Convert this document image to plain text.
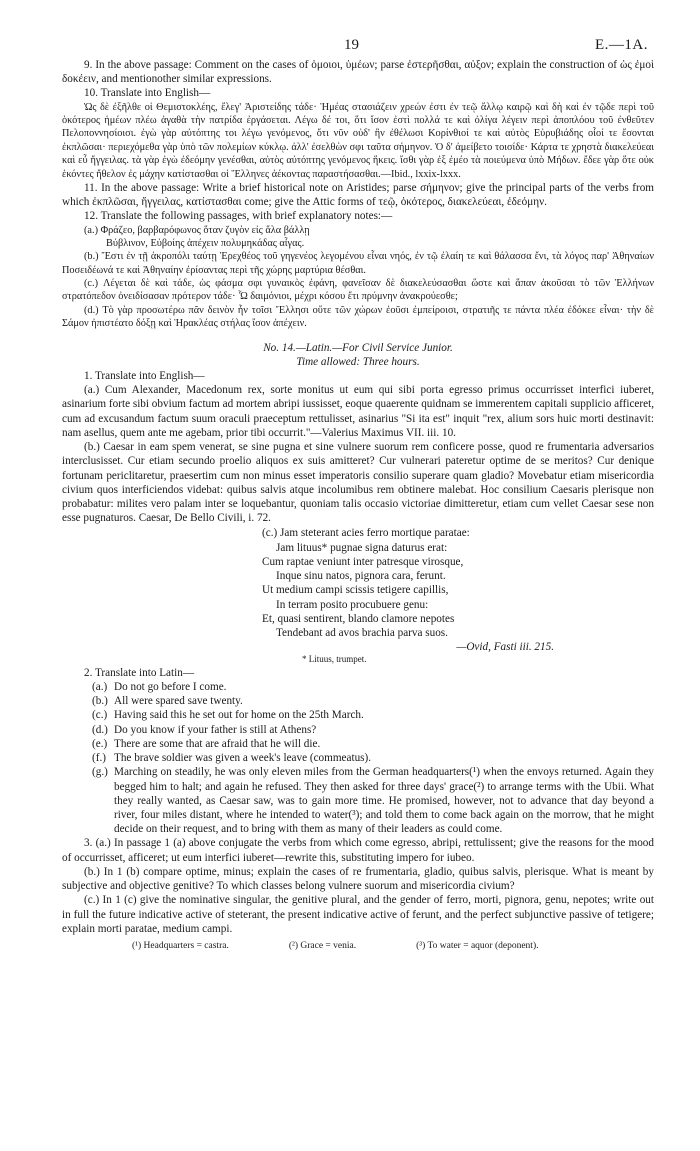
19	E.—1A.

9. In the above passage: Comment on the cases of ὁμοιοι, ὑμέων; parse ἐστερῆσθαι, αὐξον; explain the construction of ὡς ἐμοὶ δοκέειν, and mentionother similar expressions.

10. Translate into English—

Ὡς δὲ ἐξῆλθε οἱ Θεμιστοκλέης, ἔλεγ' Ἀριστείδης τάδε· Ἡμέας στασιάζειν χρεών ἐστι ἐν τεῷ ἄλλῳ καιρῷ καὶ δὴ καὶ ἐν τῷδε περὶ τοῦ ὁκότερος ἡμέων πλέω ἀγαθὰ τὴν πατρίδα ἐργάσεται. Λέγω δέ τοι, ὅτι ἴσον ἐστὶ πολλά τε καὶ ὀλίγα λέγειν περὶ ἀποπλόου τοῦ ἐνθεῦτεν Πελοποννησίοισι. ἐγὼ γὰρ αὐτόπτης τοι λέγω γενόμενος, ὅτι νῦν οὐδ' ἢν ἐθέλωσι Κορίνθιοί τε καὶ αὐτὸς Εὐρυβιάδης οἷοί τε ἔσονται ἐκπλῶσαι· περιεχόμεθα γὰρ ὑπὸ τῶν πολεμίων κύκλῳ. ἀλλ' ἐσελθὼν σφι ταῦτα σήμηνον. Ὁ δ' ἀμείβετο τοισίδε· Κάρτα τε χρηστὰ διακελεύεαι καὶ εὖ ἤγγειλας. τὰ γὰρ ἐγὼ ἐδεόμην γενέσθαι, αὐτὸς αὐτόπτης γενόμενος ἥκεις. ἴσθι γὰρ ἐξ ἐμέο τὰ ποιεύμενα ὑπὸ Μήδων. ἔδεε γὰρ ὅτε οὐκ ἑκόντες ἤθελον ἐς μάχην κατίστασθαι οἱ Ἕλληνες ἀέκοντας παραστήσασθαι.—Ibid., lxxix-lxxx.

11. In the above passage: Write a brief historical note on Aristides; parse σήμηνον; give the principal parts of the verbs from which ἐκπλῶσαι, ἤγγειλας, κατίστασθαι come; give the Attic forms of τεῷ, ὁκότερος, διακελεύεαι, ἐδεόμην.

12. Translate the following passages, with brief explanatory notes:—

(a.) Φράζεο, βαρβαρόφωνος ὅταν ζυγὸν εἰς ἅλα βάλλῃ

Βύβλινον, Εὐβοίης ἀπέχειν πολυμηκάδας αἶγας.

(b.) Ἔστι ἐν τῇ ἀκροπόλι ταύτῃ Ἐρεχθέος τοῦ γηγενέος λεγομένου εἶναι νηός, ἐν τῷ ἐλαίη τε καὶ θάλασσα ἔνι, τὰ λόγος παρ' Ἀθηναίων Ποσειδέωνά τε καὶ Ἀθηναίην ἐρίσαντας περὶ τῆς χώρης μαρτύρια θέσθαι.

(c.) Λέγεται δὲ καὶ τάδε, ὡς φάσμα σφι γυναικὸς ἐφάνη, φανεῖσαν δὲ διακελεύσασθαι ὥστε καὶ ἅπαν ἀκοῦσαι τὸ τῶν Ἑλλήνων στρατόπεδον ὀνειδίσασαν πρότερον τάδε· Ὦ δαιμόνιοι, μέχρι κόσου ἔτι πρύμνην ἀνακρούεσθε;

(d.) Τὸ γὰρ προσωτέρω πᾶν δεινὸν ἦν τοῖσι Ἕλλησι οὔτε τῶν χώρων ἐοῦσι ἐμπείροισι, στρατιῆς τε πάντα πλέα ἐδόκεε εἶναι· τὴν δὲ Σάμον ἠπιστέατο δόξῃ καὶ Ἡρακλέας στήλας ἴσον ἀπέχειν.

No. 14.—Latin.—For Civil Service Junior.

Time allowed: Three hours.

1. Translate into English—

(a.) Cum Alexander, Macedonum rex, sorte monitus ut eum qui sibi porta egresso primus occurrisset interfici iuberet, asinarium forte sibi obvium factum ad mortem abripi iussisset, eoque quaerente quidnam se immerentem capitali supplicio afficeret, cum ad excusandum factum suum oraculi praeceptum rettulisset, asinarius "Si ita est" inquit "rex, alium sors huic morti destinavit: nam asellus, quem ante me agebam, prior tibi occurrit."—Valerius Maximus VII. iii. 10.

(b.) Caesar in eam spem venerat, se sine pugna et sine vulnere suorum rem conficere posse, quod re frumentaria adversarios interclusisset. Cur etiam secundo proelio aliquos ex suis amitteret? Cur vulnerari pateretur optime de se meritos? Cur denique fortunam periclitaretur, praesertim cum non minus esset imperatoris consilio superare quam gladio? Movebatur etiam misericordia civium quos interficiendos videbat: quibus salvis atque incolumibus rem obtinere malebat. Hoc consilium Caesaris plerisque non probabatur: milites vero palam inter se loquebantur, quoniam talis occasio victoriae dimitteretur, etiam cum vellet Caesar sese non esse pugnaturos. Caesar, De Bello Civili, i. 72.

(c.) Jam steterant acies ferro mortique paratae:
Jam lituus* pugnae signa daturus erat:
Cum raptae veniunt inter patresque virosque,
Inque sinu natos, pignora cara, ferunt.
Ut medium campi scissis tetigere capillis,
In terram posito procubuere genu:
Et, quasi sentirent, blando clamore nepotes
Tendebant ad avos brachia parva suos.

—Ovid, Fasti iii. 215.

* Lituus, trumpet.

2. Translate into Latin—

(a.) Do not go before I come.
(b.) All were spared save twenty.
(c.) Having said this he set out for home on the 25th March.
(d.) Do you know if your father is still at Athens?
(e.) There are some that are afraid that he will die.
(f.) The brave soldier was given a week's leave (commeatus).
(g.) Marching on steadily, he was only eleven miles from the German headquarters(¹) when the envoys returned. Again they begged him to halt; and again he refused. They then asked for three days' grace(²) to arrange terms with the Ubii. What they really wanted, as Caesar saw, was to gain more time. He promised, however, not to advance that day beyond a river, four miles distant, where he intended to water(³); and told them to come back again on the morrow, that he might decide on their request, and to bring with them as many of their leaders as could come.

3. (a.) In passage 1 (a) above conjugate the verbs from which come egresso, abripi, rettulissent; give the reasons for the mood of occurrisset, afficeret; ut eum interfici iuberet—rewrite this, substituting impero for iubeo.

(b.) In 1 (b) compare optime, minus; explain the cases of re frumentaria, gladio, quibus salvis, plerisque. What is meant by subjective and objective genitive? To which classes belong vulnere suorum and misericordia civium?

(c.) In 1 (c) give the nominative singular, the genitive plural, and the gender of ferro, morti, pignora, genu, nepotes; write out in full the future indicative active of steterant, the present indicative active of ferunt, and the perfect subjunctive passive of tetigere; explain morti paratae, medium campi.

(¹) Headquarters = castra.	(²) Grace = venia.	(³) To water = aquor (deponent).
